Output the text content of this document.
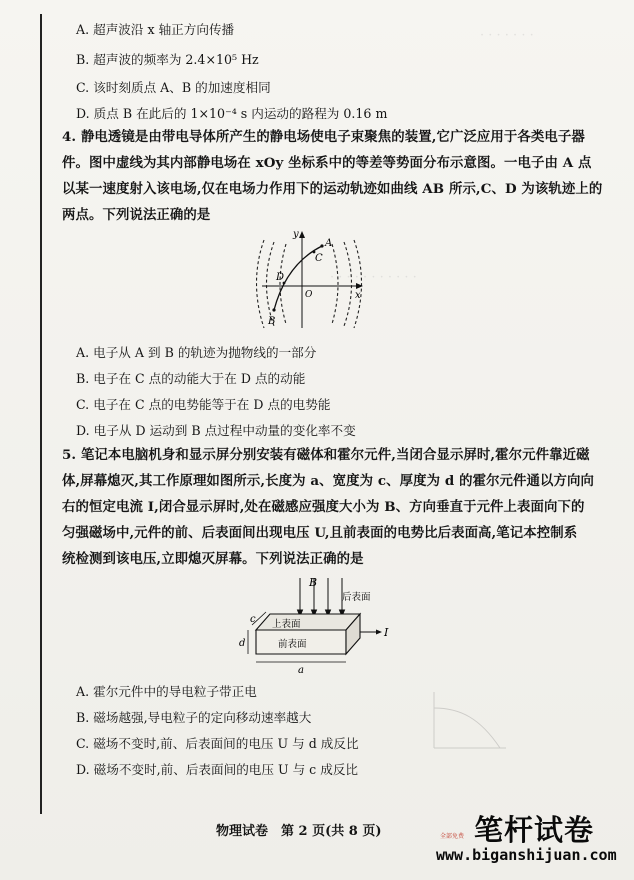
· · · · · · ·
· · · · · · · · · · ·
A. 超声波沿 x 轴正方向传播
B. 超声波的频率为 2.4×10⁵ Hz
C. 该时刻质点 A、B 的加速度相同
D. 质点 B 在此后的 1×10⁻⁴ s 内运动的路程为 0.16 m
4. 静电透镜是由带电导体所产生的静电场使电子束聚焦的装置,它广泛应用于各类电子器
件。图中虚线为其内部静电场在 xOy 坐标系中的等差等势面分布示意图。一电子由 A 点
以某一速度射入该电场,仅在电场力作用下的运动轨迹如曲线 AB 所示,C、D 为该轨迹上的
两点。下列说法正确的是
y
x
O
A
B
C
D
A. 电子从 A 到 B 的轨迹为抛物线的一部分
B. 电子在 C 点的动能大于在 D 点的动能
C. 电子在 C 点的电势能等于在 D 点的电势能
D. 电子从 D 运动到 B 点过程中动量的变化率不变
5. 笔记本电脑机身和显示屏分别安装有磁体和霍尔元件,当闭合显示屏时,霍尔元件靠近磁
体,屏幕熄灭,其工作原理如图所示,长度为 a、宽度为 c、厚度为 d 的霍尔元件通以方向向
右的恒定电流 I,闭合显示屏时,处在磁感应强度大小为 B、方向垂直于元件上表面向下的
匀强磁场中,元件的前、后表面间出现电压 U,且前表面的电势比后表面高,笔记本控制系
统检测到该电压,立即熄灭屏幕。下列说法正确的是
B
后表面
上表面
前表面
I
c
d
a
A. 霍尔元件中的导电粒子带正电
B. 磁场越强,导电粒子的定向移动速率越大
C. 磁场不变时,前、后表面间的电压 U 与 d 成反比
D. 磁场不变时,前、后表面间的电压 U 与 c 成反比
物理试卷　第 2 页(共 8 页)	笔杆试卷
全部免费
www.biganshijuan.com
